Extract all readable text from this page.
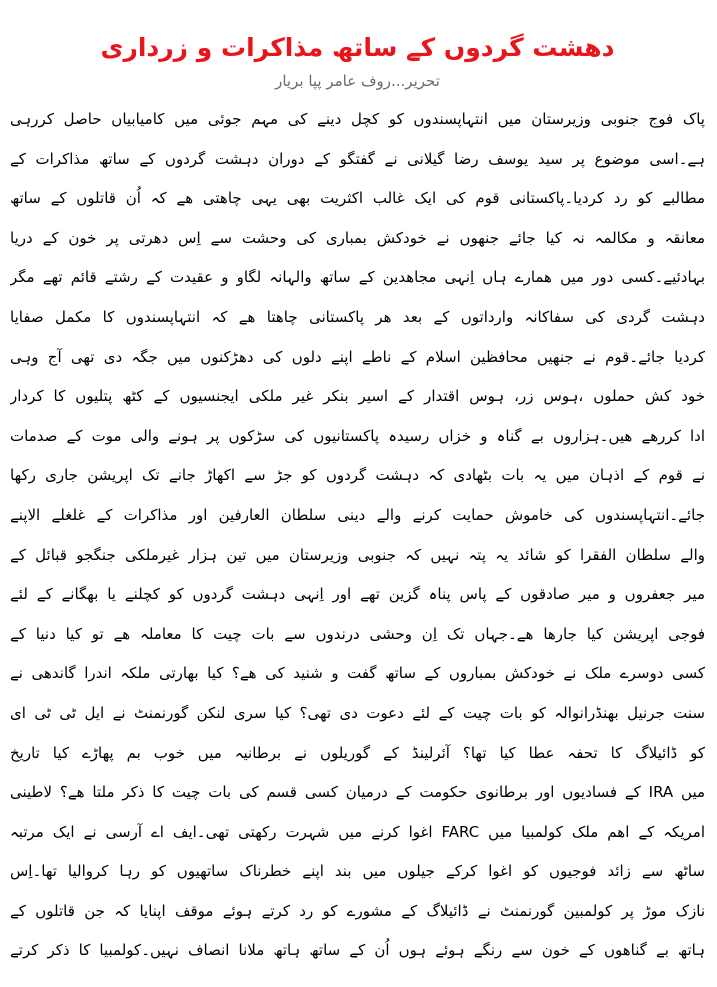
دهشت گردوں کے ساتھ مذاکرات و زرداری
تحریر...روف عامر پپا بریار
پاک فوج جنوبی وزیرستان میں انتہاپسندوں کو کچل دینے کی مہم جوئی میں کامیابیاں حاصل کررہی
ہے۔اسی موضوع پر سید یوسف رضا گیلانی نے گفتگو کے دوران دہشت گردوں کے ساتھ مذاکرات کے
مطالبے کو رد کردیا۔پاکستانی قوم کی ایک غالب اکثریت بھی یہی چاھتی ھے کہ اُن قاتلوں کے ساتھ
معانقہ و مکالمہ نہ کیا جائے جنھوں نے خودکش بمباری کی وحشت سے اِس دھرتی پر خون کے دریا
بہادئیے۔کسی دور میں ھمارے ہاں اِنہی مجاھدین کے ساتھ والہانہ لگاو و عقیدت کے رشتے قائم تھے مگر
دہشت گردی کی سفاکانہ وارداتوں کے بعد ھر پاکستانی چاھتا ھے کہ انتہاپسندوں کا مکمل صفایا
کردیا جائے۔قوم نے جنھیں محافظین اسلام کے ناطے اپنے دلوں کی دھڑکنوں میں جگہ دی تھی آج وہی
خود کش حملوں ،ہوس زر، ہوس اقتدار کے اسیر بنکر غیر ملکی ایجنسیوں کے کٹھ پتلیوں کا کردار
ادا کررھے ھیں۔ہزاروں بے گناہ و خزاں رسیدہ پاکستانیوں کی سڑکوں پر ہونے والی موت کے صدمات
نے قوم کے اذہان میں یہ بات بٹھادی کہ دہشت گردوں کو جڑ سے اکھاڑ جانے تک اپریشن جاری رکھا
جائے۔انتہاپسندوں کی خاموش حمایت کرنے والے دینی سلطان العارفین اور مذاکرات کے غلغلے الاپنے
والے سلطان الفقرا کو شائد یہ پتہ نہیں کہ جنوبی وزیرستان میں تین ہزار غیرملکی جنگجو قبائل کے
میر جعفروں و میر صادقوں کے پاس پناہ گزین تھے اور اِنہی دہشت گردوں کو کچلنے یا بھگانے کے لئے
فوجی اپریشن کیا جارھا ھے۔جہاں تک اِن وحشی درندوں سے بات چیت کا معاملہ ھے تو کیا دنیا کے
کسی دوسرے ملک نے خودکش بمباروں کے ساتھ گفت و شنید کی ھے؟ کیا بھارتی ملکہ اندرا گاندھی نے
سنت جرنیل بھنڈرانوالہ کو بات چیت کے لئے دعوت دی تھی؟ کیا سری لنکن گورنمنٹ نے ایل ٹی ٹی ای
کو ڈائیلاگ کا تحفہ عطا کیا تھا؟ آئرلینڈ کے گوریلوں نے برطانیہ میں خوب بم پھاڑے کیا تاریخ
میں IRA کے فسادیوں اور برطانوی حکومت کے درمیان کسی قسم کی بات چیت کا ذکر ملتا ھے؟ لاطینی
امریکہ کے اھم ملک کولمبیا میں FARC اغوا کرنے میں شہرت رکھتی تھی۔ایف اے آرسی نے ایک مرتبہ
ساٹھ سے زائد فوجیوں کو اغوا کرکے جیلوں میں بند اپنے خطرناک ساتھیوں کو رہا کروالیا تھا۔اِس
نازک موڑ پر کولمبین گورنمنٹ نے ڈائیلاگ کے مشورے کو رد کرتے ہوئے موقف اپنایا کہ جن قاتلوں کے
ہاتھ بے گناھوں کے خون سے رنگے ہوئے ہوں اُن کے ساتھ ہاتھ ملانا انصاف نہیں۔کولمبیا کا ذکر کرتے
